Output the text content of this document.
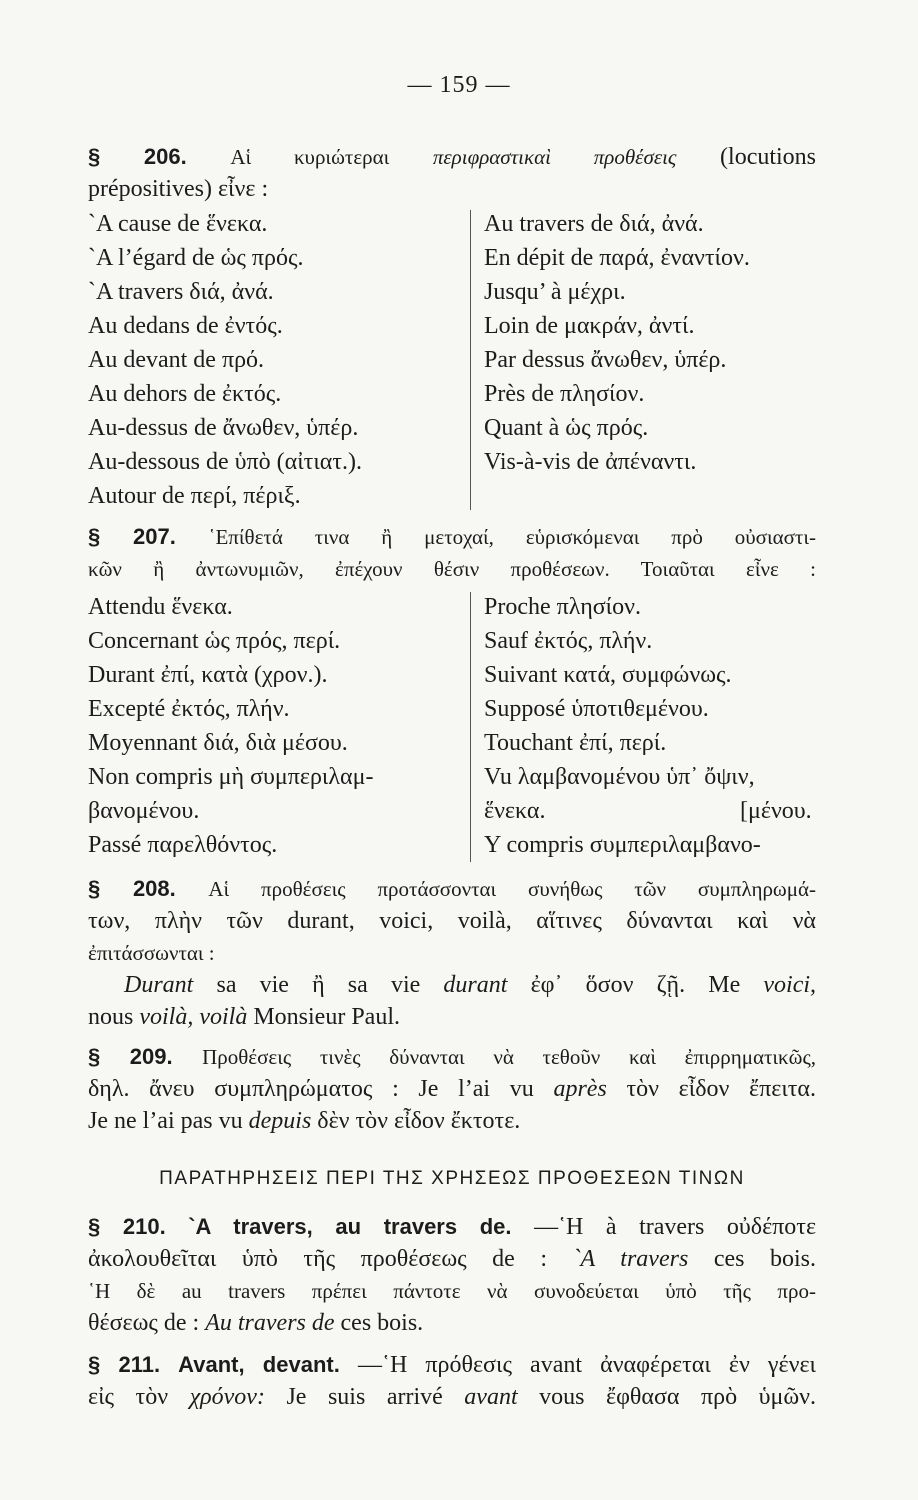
— 159 —
§ 206. Αἱ κυριώτεραι περιφραστικαὶ προθέσεις (locutions
prépositives) εἶνε :
`A cause de ἕνεκα.
`A l’égard de ὡς πρός.
`A travers διά, ἀνά.
Au dedans de ἐντός.
Au devant de πρό.
Au dehors de ἐκτός.
Au-dessus de ἄνωθεν, ὑπέρ.
Au-dessous de ὑπὸ (αἰτιατ.).
Autour de περί, πέριξ.
Au travers de διά, ἀνά.
En dépit de παρά, ἐναντίον.
Jusqu’ à μέχρι.
Loin de μακράν, ἀντί.
Par dessus ἄνωθεν, ὑπέρ.
Près de πλησίον.
Quant à ὡς πρός.
Vis-à-vis de ἀπέναντι.
§ 207. ῾Επίθετά τινα ἢ μετοχαί, εὑρισκόμεναι πρὸ οὐσιαστι-
κῶν ἢ ἀντωνυμιῶν, ἐπέχουν θέσιν προθέσεων. Τοιαῦται εἶνε :
Attendu ἕνεκα.
Concernant ὡς πρός, περί.
Durant ἐπί, κατὰ (χρον.).
Excepté ἐκτός, πλήν.
Moyennant διά, διὰ μέσου.
Non compris μὴ συμπεριλαμ-
βανομένου.
Passé παρελθόντος.
Proche πλησίον.
Sauf ἐκτός, πλήν.
Suivant κατά, συμφώνως.
Supposé ὑποτιθεμένου.
Touchant ἐπί, περί.
Vu λαμβανομένου ὑπ᾽ ὄψιν,
ἕνεκα.
Y compris συμπεριλαμβανο-
[μένου.
§ 208. Αἱ προθέσεις προτάσσονται συνήθως τῶν συμπληρωμά-
των, πλὴν τῶν durant, voici, voilà, αἵτινες δύνανται καὶ νὰ
ἐπιτάσσωνται :
Durant sa vie ἢ sa vie durant ἐφ᾽ ὅσον ζῇ. Me voici,
nous voilà, voilà Monsieur Paul.
§ 209. Προθέσεις τινὲς δύνανται νὰ τεθοῦν καὶ ἐπιρρηματικῶς,
δηλ. ἄνευ συμπληρώματος : Je l’ai vu après τὸν εἶδον ἔπειτα.
Je ne l’ai pas vu depuis δὲν τὸν εἶδον ἔκτοτε.
ΠΑΡΑΤΗΡΗΣΕΙΣ ΠΕΡΙ ΤΗΣ ΧΡΗΣΕΩΣ ΠΡΟΘΕΣΕΩΝ ΤΙΝΩΝ
§ 210. `A travers, au travers de. —῾Η à travers οὐδέποτε
ἀκολουθεῖται ὑπὸ τῆς προθέσεως de : `A travers ces bois.
῾Η δὲ au travers πρέπει πάντοτε νὰ συνοδεύεται ὑπὸ τῆς προ-
θέσεως de : Au travers de ces bois.
§ 211. Avant, devant. —῾Η πρόθεσις avant ἀναφέρεται ἐν γένει
εἰς τὸν χρόνον: Je suis arrivé avant vous ἔφθασα πρὸ ὑμῶν.
